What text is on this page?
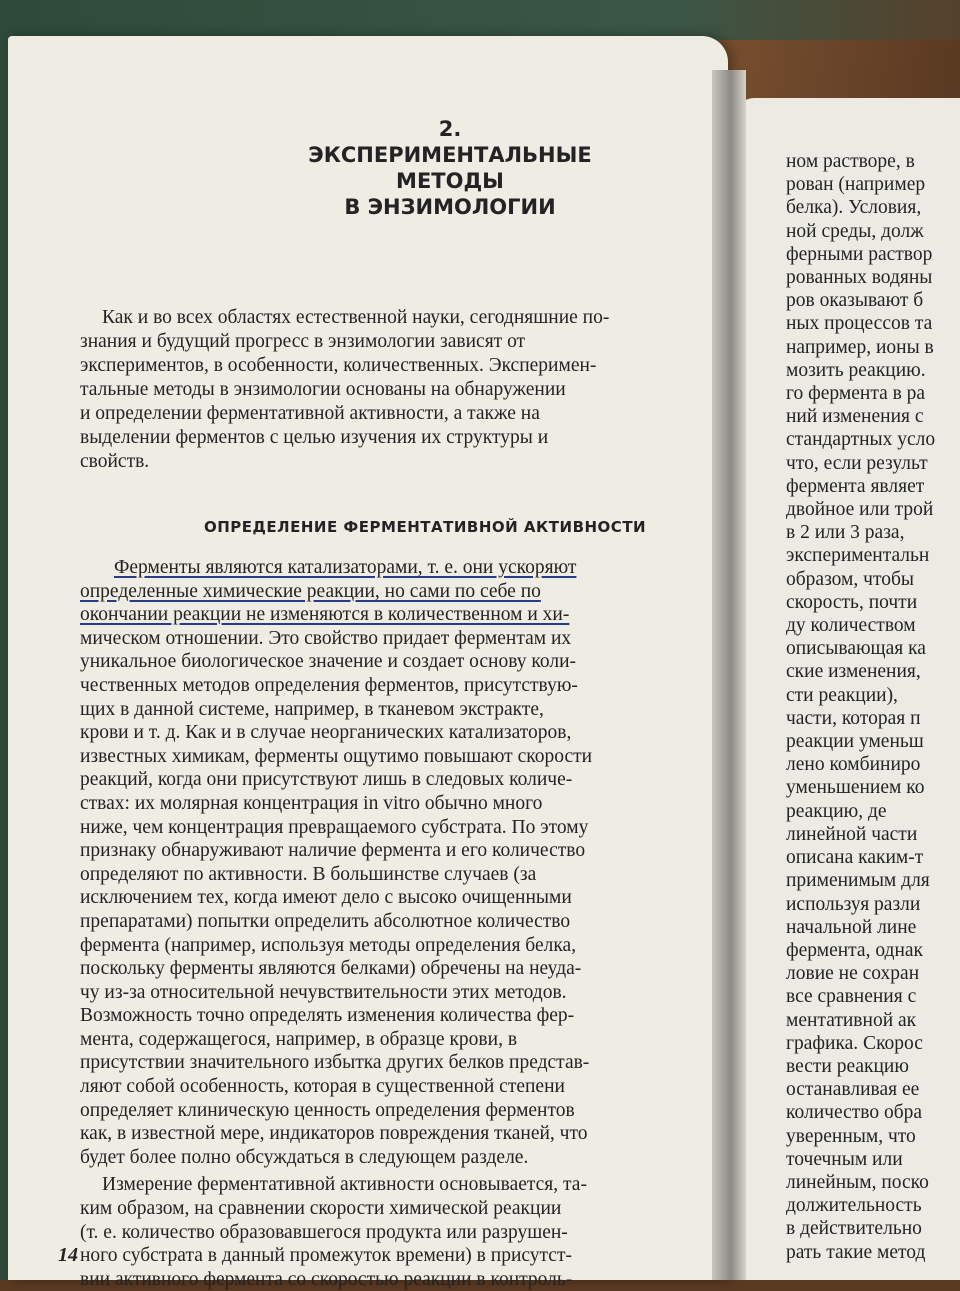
2. ЭКСПЕРИМЕНТАЛЬНЫЕ
МЕТОДЫ
В ЭНЗИМОЛОГИИ
Как и во всех областях естественной науки, сегодняшние по-
знания и будущий прогресс в энзимологии зависят от
экспериментов, в особенности, количественных. Эксперимен-
тальные методы в энзимологии основаны на обнаружении
и определении ферментативной активности, а также на
выделении ферментов с целью изучения их структуры и
свойств.
ОПРЕДЕЛЕНИЕ ФЕРМЕНТАТИВНОЙ АКТИВНОСТИ
Ферменты являются катализаторами, т. е. они ускоряют
определенные химические реакции, но сами по себе по
окончании реакции не изменяются в количественном и хи-
мическом отношении. Это свойство придает ферментам их
уникальное биологическое значение и создает основу коли-
чественных методов определения ферментов, присутствую-
щих в данной системе, например, в тканевом экстракте,
крови и т. д. Как и в случае неорганических катализаторов,
известных химикам, ферменты ощутимо повышают скорости
реакций, когда они присутствуют лишь в следовых количе-
ствах: их молярная концентрация in vitro обычно много
ниже, чем концентрация превращаемого субстрата. По этому
признаку обнаруживают наличие фермента и его количество
определяют по активности. В большинстве случаев (за
исключением тех, когда имеют дело с высоко очищенными
препаратами) попытки определить абсолютное количество
фермента (например, используя методы определения белка,
поскольку ферменты являются белками) обречены на неуда-
чу из-за относительной нечувствительности этих методов.
Возможность точно определять изменения количества фер-
мента, содержащегося, например, в образце крови, в
присутствии значительного избытка других белков представ-
ляют собой особенность, которая в существенной степени
определяет клиническую ценность определения ферментов
как, в известной мере, индикаторов повреждения тканей, что
будет более полно обсуждаться в следующем разделе.
Измерение ферментативной активности основывается, та-
ким образом, на сравнении скорости химической реакции
(т. е. количество образовавшегося продукта или разрушен-
ного субстрата в данный промежуток времени) в присутст-
вии активного фермента со скоростью реакции в контроль-
14
ном растворе, в
рован (например
белка). Условия,
ной среды, долж
ферными раствор
рованных водяны
ров оказывают б
ных процессов та
например, ионы в
мозить реакцию.
го фермента в ра
ний изменения с
стандартных усло
что, если результ
фермента являет
двойное или трой
в 2 или 3 раза,
экспериментальн
образом, чтобы
скорость, почти
ду количеством
описывающая ка
ские изменения,
сти реакции),
части, которая п
реакции уменьш
лено комбиниро
уменьшением ко
реакцию, де
линейной части
описана каким-т
применимым для
используя разли
начальной лине
фермента, однак
ловие не сохран
все сравнения с
ментативной ак
графика. Скорос
вести реакцию
останавливая ее
количество обра
уверенным, что
точечным или
линейным, поско
должительность
в действительно
рать такие метод
